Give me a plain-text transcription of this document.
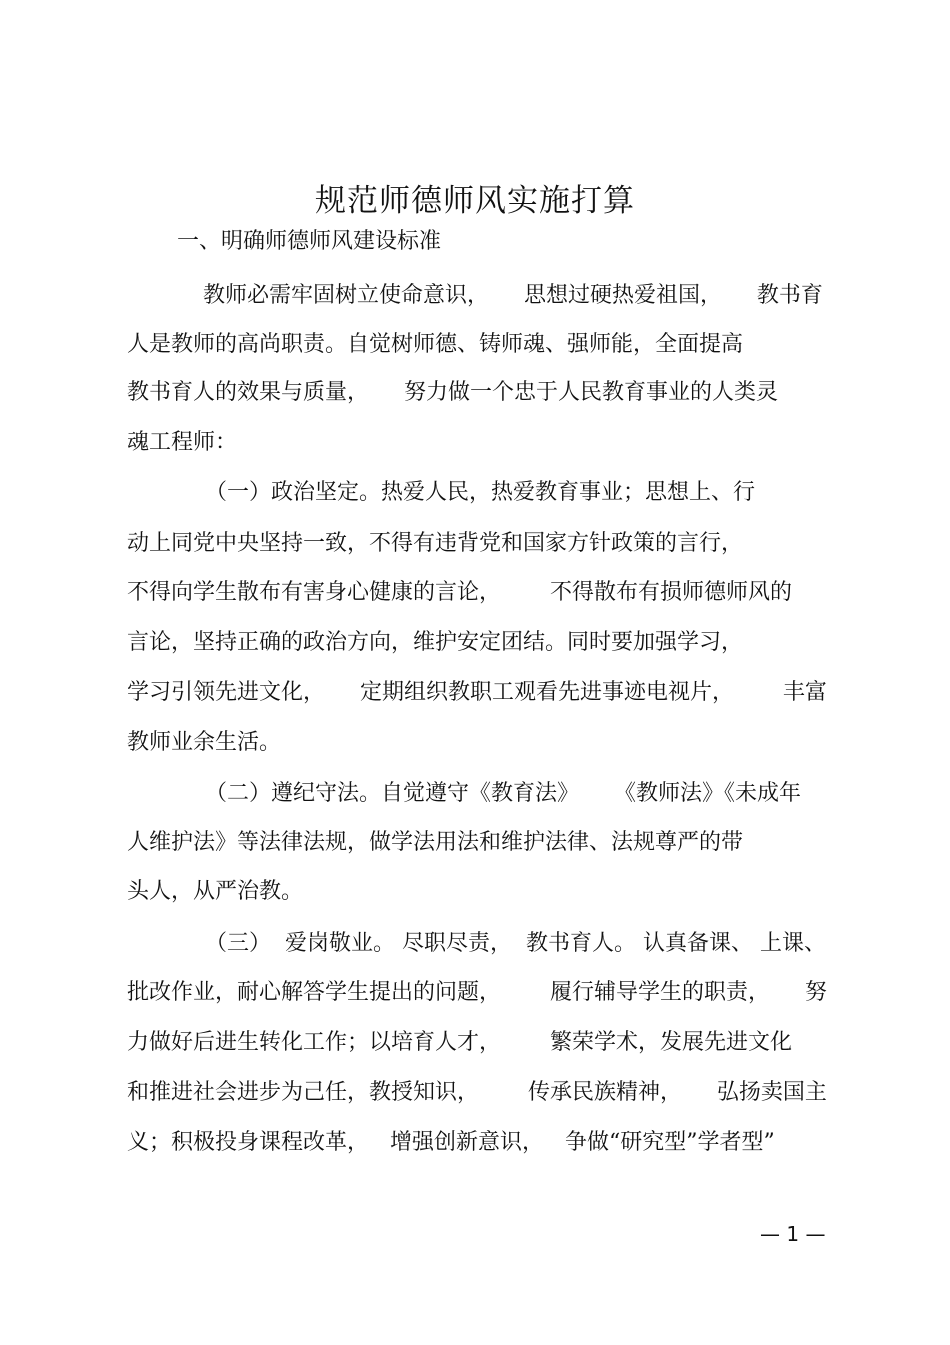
规范师德师风实施打算
一、明确师德师风建设标准
教师必需牢固树立使命意识，     思想过硬热爱祖国，     教书育
人是教师的高尚职责。自觉树师德、铸师魂、强师能，全面提高
教书育人的效果与质量，     努力做一个忠于人民教育事业的人类灵
魂工程师：
（一）政治坚定。热爱人民，热爱教育事业；思想上、行
动上同党中央坚持一致，不得有违背党和国家方针政策的言行，
不得向学生散布有害身心健康的言论，       不得散布有损师德师风的
言论，坚持正确的政治方向，维护安定团结。同时要加强学习，
学习引领先进文化，     定期组织教职工观看先进事迹电视片，       丰富
教师业余生活。
（二）遵纪守法。自觉遵守《教育法》     《教师法》《未成年
人维护法》等法律法规，做学法用法和维护法律、法规尊严的带
头人，从严治教。
（三）  爱岗敬业。 尽职尽责，  教书育人。 认真备课、 上课、
批改作业，耐心解答学生提出的问题，       履行辅导学生的职责，     努
力做好后进生转化工作；以培育人才，       繁荣学术，发展先进文化
和推进社会进步为己任，教授知识，       传承民族精神，     弘扬卖国主
义；积极投身课程改革，   增强创新意识，   争做“研究型”学者型”
— 1 —
